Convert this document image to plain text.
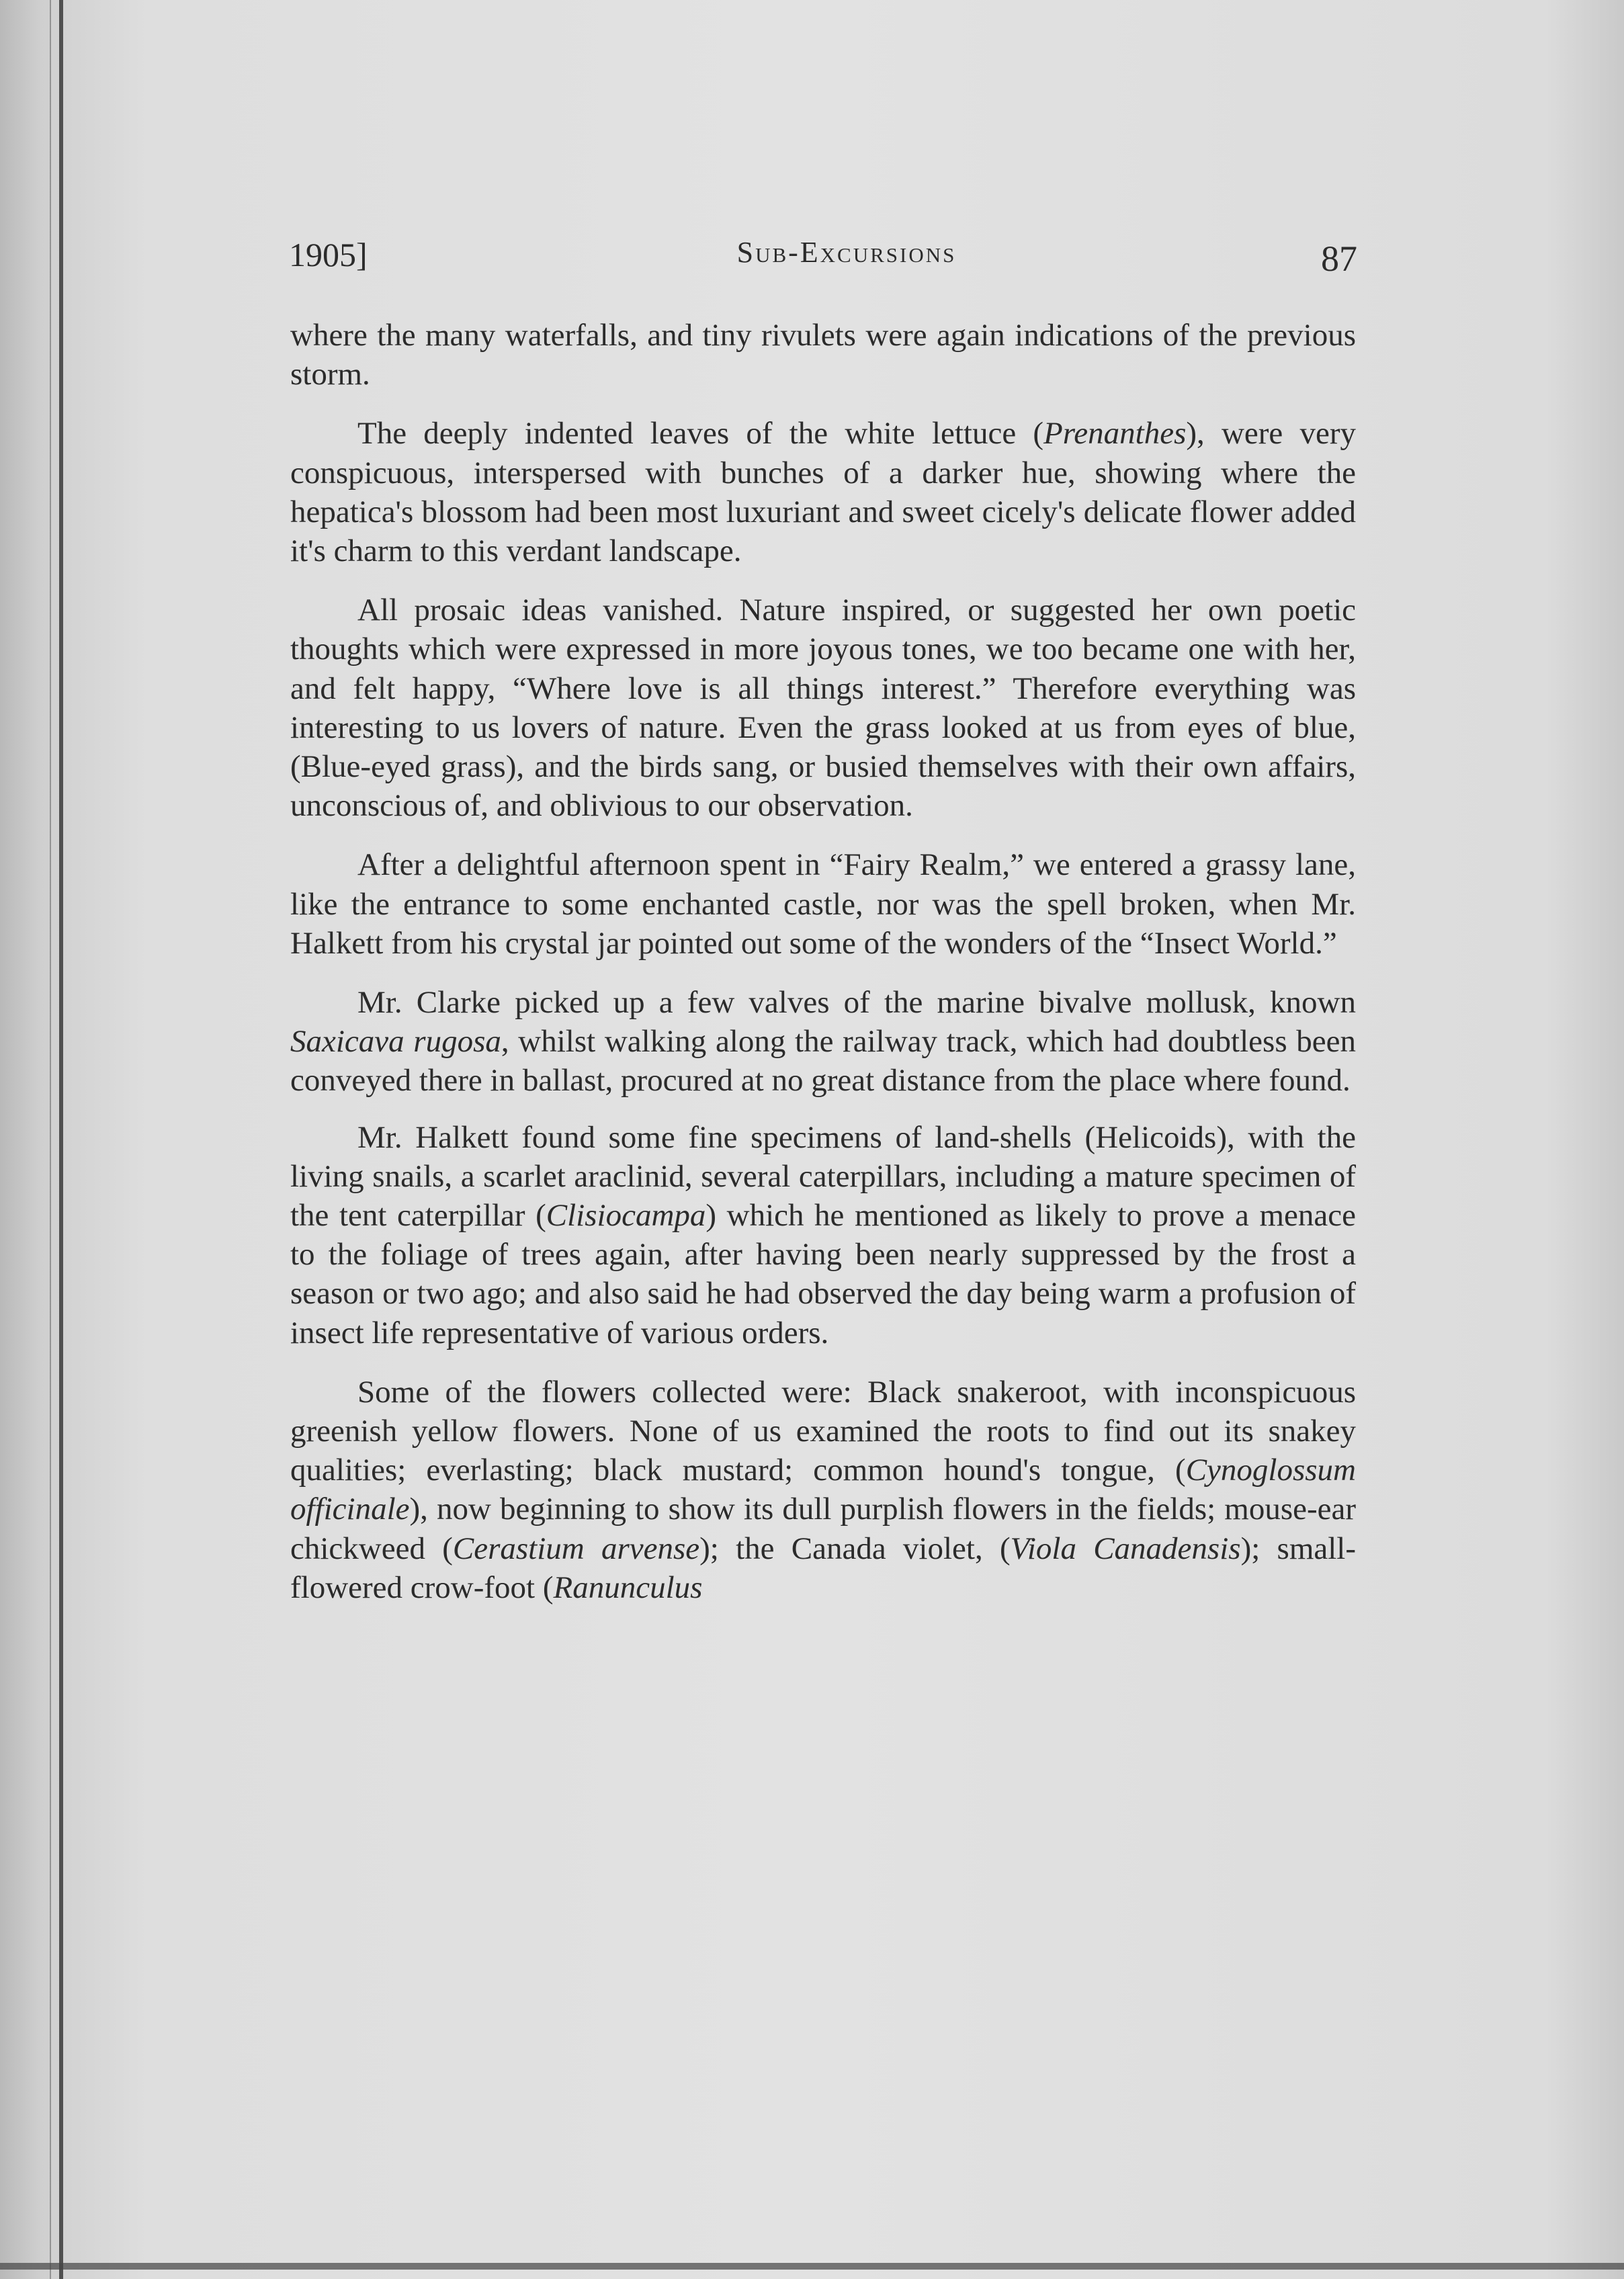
1905]	Sub-Excursions	87

where the many waterfalls, and tiny rivulets were again indications of the previous storm.

The deeply indented leaves of the white lettuce (Prenanthes), were very conspicuous, interspersed with bunches of a darker hue, showing where the hepatica's blossom had been most luxuriant and sweet cicely's delicate flower added it's charm to this verdant landscape.

All prosaic ideas vanished. Nature inspired, or suggested her own poetic thoughts which were expressed in more joyous tones, we too became one with her, and felt happy, “Where love is all things interest.” Therefore everything was interesting to us lovers of nature. Even the grass looked at us from eyes of blue, (Blue-eyed grass), and the birds sang, or busied themselves with their own affairs, unconscious of, and oblivious to our observation.

After a delightful afternoon spent in “Fairy Realm,” we entered a grassy lane, like the entrance to some enchanted castle, nor was the spell broken, when Mr. Halkett from his crystal jar pointed out some of the wonders of the “Insect World.”

Mr. Clarke picked up a few valves of the marine bivalve mollusk, known Saxicava rugosa, whilst walking along the railway track, which had doubtless been conveyed there in ballast, procured at no great distance from the place where found.

Mr. Halkett found some fine specimens of land-shells (Helicoids), with the living snails, a scarlet araclinid, several caterpillars, including a mature specimen of the tent caterpillar (Clisiocampa) which he mentioned as likely to prove a menace to the foliage of trees again, after having been nearly suppressed by the frost a season or two ago; and also said he had observed the day being warm a profusion of insect life representative of various orders.

Some of the flowers collected were: Black snakeroot, with inconspicuous greenish yellow flowers. None of us examined the roots to find out its snakey qualities; everlasting; black mustard; common hound's tongue, (Cynoglossum officinale), now beginning to show its dull purplish flowers in the fields; mouse-ear chickweed (Cerastium arvense); the Canada violet, (Viola Canadensis); small-flowered crow-foot (Ranunculus
